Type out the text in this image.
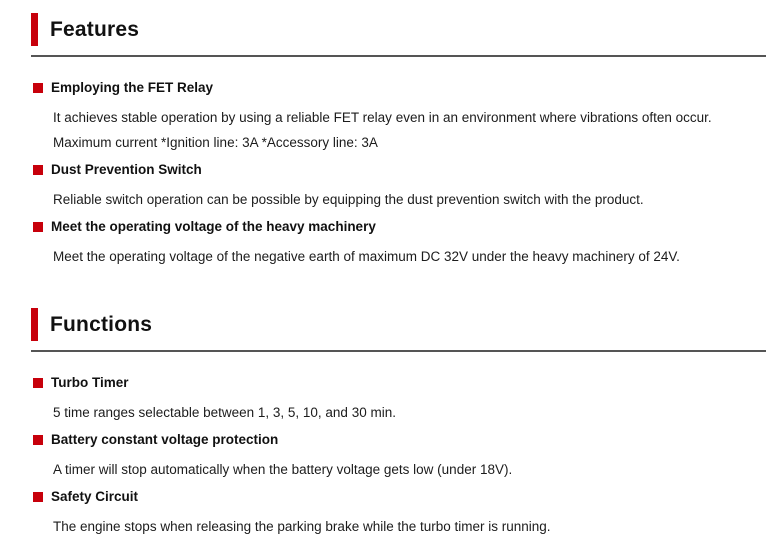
Features
Employing the FET Relay
It achieves stable operation by using a reliable FET relay even in an environment where vibrations often occur.
Maximum current *Ignition line: 3A *Accessory line: 3A
Dust Prevention Switch
Reliable switch operation can be possible by equipping the dust prevention switch with the product.
Meet the operating voltage of the heavy machinery
Meet the operating voltage of the negative earth of maximum DC 32V under the heavy machinery of 24V.
Functions
Turbo Timer
5 time ranges selectable between 1, 3, 5, 10, and 30 min.
Battery constant voltage protection
A timer will stop automatically when the battery voltage gets low (under 18V).
Safety Circuit
The engine stops when releasing the parking brake while the turbo timer is running.
